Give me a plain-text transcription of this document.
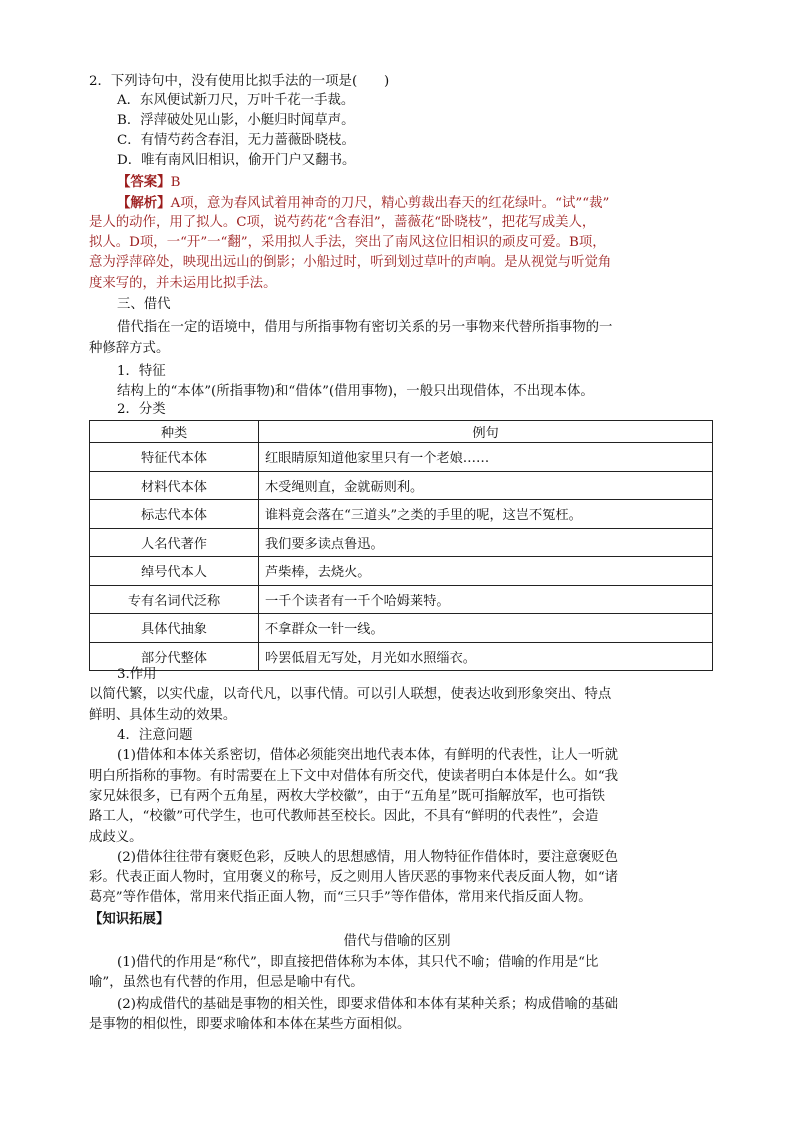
2．下列诗句中，没有使用比拟手法的一项是(　　)
A．东风便试新刀尺，万叶千花一手裁。
B．浮萍破处见山影，小艇归时闻草声。
C．有情芍药含春泪，无力蔷薇卧晓枝。
D．唯有南风旧相识，偷开门户又翻书。
【答案】B
【解析】A项，意为春风试着用神奇的刀尺，精心剪裁出春天的红花绿叶。“试”“裁”
是人的动作，用了拟人。C项，说芍药花“含春泪”，蔷薇花“卧晓枝”，把花写成美人，
拟人。D项，一“开”一“翻”，采用拟人手法，突出了南风这位旧相识的顽皮可爱。B项，
意为浮萍碎处，映现出远山的倒影；小船过时，听到划过草叶的声响。是从视觉与听觉角
度来写的，并未运用比拟手法。
三、借代
借代指在一定的语境中，借用与所指事物有密切关系的另一事物来代替所指事物的一
种修辞方式。
1．特征
结构上的“本体”(所指事物)和“借体”(借用事物)，一般只出现借体，不出现本体。
2．分类
种类	例句
特征代本体	红眼睛原知道他家里只有一个老娘……
材料代本体	木受绳则直，金就砺则利。
标志代本体	谁料竟会落在“三道头”之类的手里的呢，这岂不冤枉。
人名代著作	我们要多读点鲁迅。
绰号代本人	芦柴棒，去烧火。
专有名词代泛称	一千个读者有一千个哈姆莱特。
具体代抽象	不拿群众一针一线。
部分代整体	吟罢低眉无写处，月光如水照缁衣。
3.作用
以简代繁，以实代虚，以奇代凡，以事代情。可以引人联想，使表达收到形象突出、特点
鲜明、具体生动的效果。
4．注意问题
(1)借体和本体关系密切，借体必须能突出地代表本体，有鲜明的代表性，让人一听就
明白所指称的事物。有时需要在上下文中对借体有所交代，使读者明白本体是什么。如“我
家兄妹很多，已有两个五角星，两枚大学校徽”，由于“五角星”既可指解放军，也可指铁
路工人，“校徽”可代学生，也可代教师甚至校长。因此，不具有“鲜明的代表性”，会造
成歧义。
(2)借体往往带有褒贬色彩，反映人的思想感情，用人物特征作借体时，要注意褒贬色
彩。代表正面人物时，宜用褒义的称号，反之则用人皆厌恶的事物来代表反面人物，如“诸
葛亮”等作借体，常用来代指正面人物，而“三只手”等作借体，常用来代指反面人物。
【知识拓展】
借代与借喻的区别
(1)借代的作用是“称代”，即直接把借体称为本体，其只代不喻；借喻的作用是“比
喻”，虽然也有代替的作用，但忌是喻中有代。
(2)构成借代的基础是事物的相关性，即要求借体和本体有某种关系；构成借喻的基础
是事物的相似性，即要求喻体和本体在某些方面相似。
